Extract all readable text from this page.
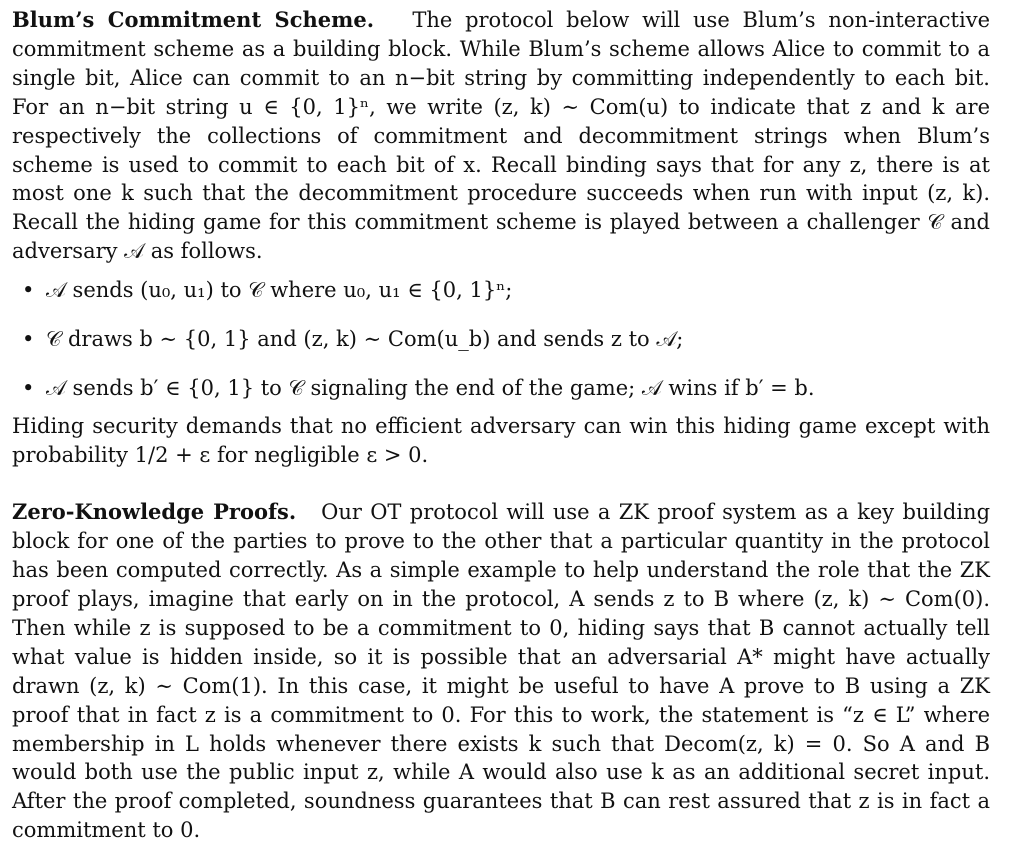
Blum’s Commitment Scheme. The protocol below will use Blum’s non-interactive commitment scheme as a building block. While Blum’s scheme allows Alice to commit to a single bit, Alice can commit to an n−bit string by committing independently to each bit. For an n−bit string u ∈ {0, 1}ⁿ, we write (z, k) ∼ Com(u) to indicate that z and k are respectively the collections of commitment and decommitment strings when Blum’s scheme is used to commit to each bit of x. Recall binding says that for any z, there is at most one k such that the decommitment procedure succeeds when run with input (z, k). Recall the hiding game for this commitment scheme is played between a challenger 𝒞 and adversary 𝒜 as follows.

• 𝒜 sends (u₀, u₁) to 𝒞 where u₀, u₁ ∈ {0, 1}ⁿ;
• 𝒞 draws b ∼ {0, 1} and (z, k) ∼ Com(u_b) and sends z to 𝒜;
• 𝒜 sends b′ ∈ {0, 1} to 𝒞 signaling the end of the game; 𝒜 wins if b′ = b.

Hiding security demands that no efficient adversary can win this hiding game except with probability 1/2 + ε for negligible ε > 0.

Zero-Knowledge Proofs. Our OT protocol will use a ZK proof system as a key building block for one of the parties to prove to the other that a particular quantity in the protocol has been computed correctly. As a simple example to help understand the role that the ZK proof plays, imagine that early on in the protocol, A sends z to B where (z, k) ∼ Com(0). Then while z is supposed to be a commitment to 0, hiding says that B cannot actually tell what value is hidden inside, so it is possible that an adversarial A* might have actually drawn (z, k) ∼ Com(1). In this case, it might be useful to have A prove to B using a ZK proof that in fact z is a commitment to 0. For this to work, the statement is “z ∈ L” where membership in L holds whenever there exists k such that Decom(z, k) = 0. So A and B would both use the public input z, while A would also use k as an additional secret input. After the proof completed, soundness guarantees that B can rest assured that z is in fact a commitment to 0.
